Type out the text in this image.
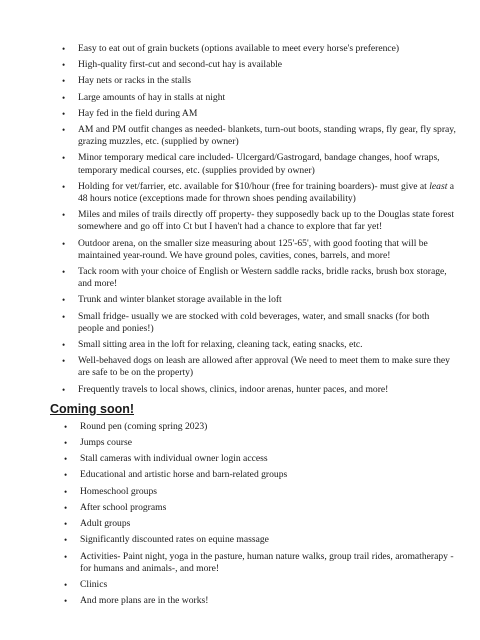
• Easy to eat out of grain buckets (options available to meet every horse's preference)
• High-quality first-cut and second-cut hay is available
• Hay nets or racks in the stalls
• Large amounts of hay in stalls at night
• Hay fed in the field during AM
• AM and PM outfit changes as needed- blankets, turn-out boots, standing wraps, fly gear, fly spray, grazing muzzles, etc. (supplied by owner)
• Minor temporary medical care included- Ulcergard/Gastrogard, bandage changes, hoof wraps, temporary medical courses, etc. (supplies provided by owner)
• Holding for vet/farrier, etc. available for $10/hour (free for training boarders)- must give at least a 48 hours notice (exceptions made for thrown shoes pending availability)
• Miles and miles of trails directly off property- they supposedly back up to the Douglas state forest somewhere and go off into Ct but I haven't had a chance to explore that far yet!
• Outdoor arena, on the smaller size measuring about 125'-65', with good footing that will be maintained year-round. We have ground poles, cavities, cones, barrels, and more!
• Tack room with your choice of English or Western saddle racks, bridle racks, brush box storage, and more!
• Trunk and winter blanket storage available in the loft
• Small fridge- usually we are stocked with cold beverages, water, and small snacks (for both people and ponies!)
• Small sitting area in the loft for relaxing, cleaning tack, eating snacks, etc.
• Well-behaved dogs on leash are allowed after approval (We need to meet them to make sure they are safe to be on the property)
• Frequently travels to local shows, clinics, indoor arenas, hunter paces, and more!
Coming soon!
• Round pen (coming spring 2023)
• Jumps course
• Stall cameras with individual owner login access
• Educational and artistic horse and barn-related groups
• Homeschool groups
• After school programs
• Adult groups
• Significantly discounted rates on equine massage
• Activities- Paint night, yoga in the pasture, human nature walks, group trail rides, aromatherapy -for humans and animals-, and more!
• Clinics
• And more plans are in the works!
